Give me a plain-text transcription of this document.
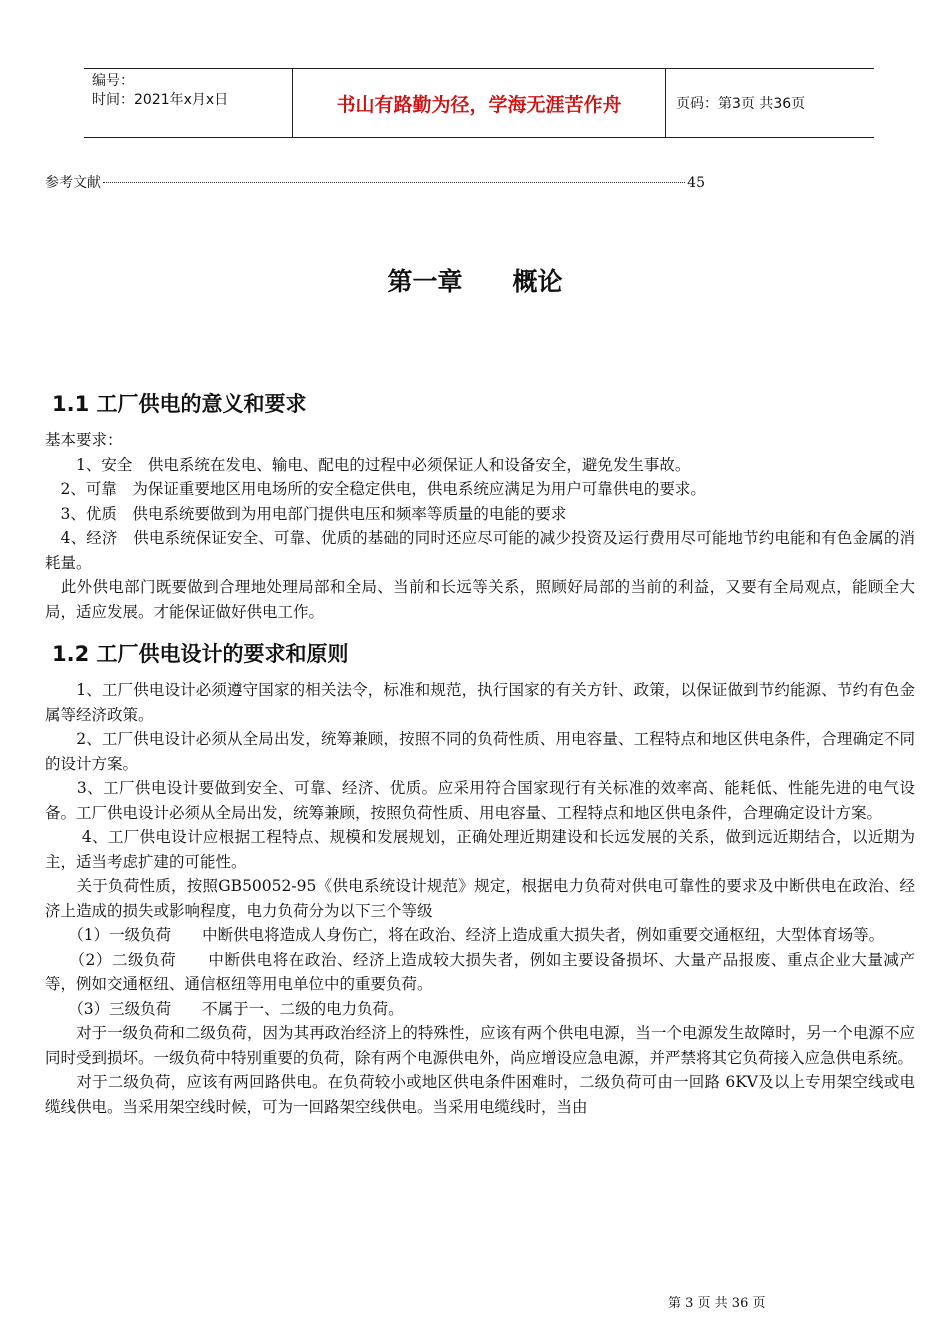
编号：
时间：2021年x月x日	书山有路勤为径，学海无涯苦作舟	页码：第3页 共36页
参考文献	45
第一章　　概论
1.1 工厂供电的意义和要求

基本要求：

　　1、安全　供电系统在发电、输电、配电的过程中必须保证人和设备安全，避免发生事故。

　2、可靠　为保证重要地区用电场所的安全稳定供电，供电系统应满足为用户可靠供电的要求。

　3、优质　供电系统要做到为用电部门提供电压和频率等质量的电能的要求

　4、经济　供电系统保证安全、可靠、优质的基础的同时还应尽可能的减少投资及运行费用尽可能地节约电能和有色金属的消耗量。

　此外供电部门既要做到合理地处理局部和全局、当前和长远等关系，照顾好局部的当前的利益，又要有全局观点，能顾全大局，适应发展。才能保证做好供电工作。

1.2 工厂供电设计的要求和原则

　　1、工厂供电设计必须遵守国家的相关法令，标准和规范，执行国家的有关方针、政策，以保证做到节约能源、节约有色金属等经济政策。

　　2、工厂供电设计必须从全局出发，统筹兼顾，按照不同的负荷性质、用电容量、工程特点和地区供电条件，合理确定不同的设计方案。

　　3、工厂供电设计要做到安全、可靠、经济、优质。应采用符合国家现行有关标准的效率高、能耗低、性能先进的电气设备。工厂供电设计必须从全局出发，统筹兼顾，按照负荷性质、用电容量、工程特点和地区供电条件，合理确定设计方案。

　　 4、工厂供电设计应根据工程特点、规模和发展规划，正确处理近期建设和长远发展的关系，做到远近期结合，以近期为主，适当考虑扩建的可能性。

　　关于负荷性质，按照GB50052-95《供电系统设计规范》规定，根据电力负荷对供电可靠性的要求及中断供电在政治、经济上造成的损失或影响程度，电力负荷分为以下三个等级

　　（1）一级负荷　　中断供电将造成人身伤亡，将在政治、经济上造成重大损失者，例如重要交通枢纽，大型体育场等。

　　（2）二级负荷　　中断供电将在政治、经济上造成较大损失者，例如主要设备损坏、大量产品报废、重点企业大量减产等，例如交通枢纽、通信枢纽等用电单位中的重要负荷。

　　（3）三级负荷　　不属于一、二级的电力负荷。

　　对于一级负荷和二级负荷，因为其再政治经济上的特殊性，应该有两个供电电源，当一个电源发生故障时，另一个电源不应同时受到损坏。一级负荷中特别重要的负荷，除有两个电源供电外，尚应增设应急电源，并严禁将其它负荷接入应急供电系统。

　　对于二级负荷，应该有两回路供电。在负荷较小或地区供电条件困难时，二级负荷可由一回路 6KV及以上专用架空线或电缆线供电。当采用架空线时候，可为一回路架空线供电。当采用电缆线时，当由

第 3 页 共 36 页
